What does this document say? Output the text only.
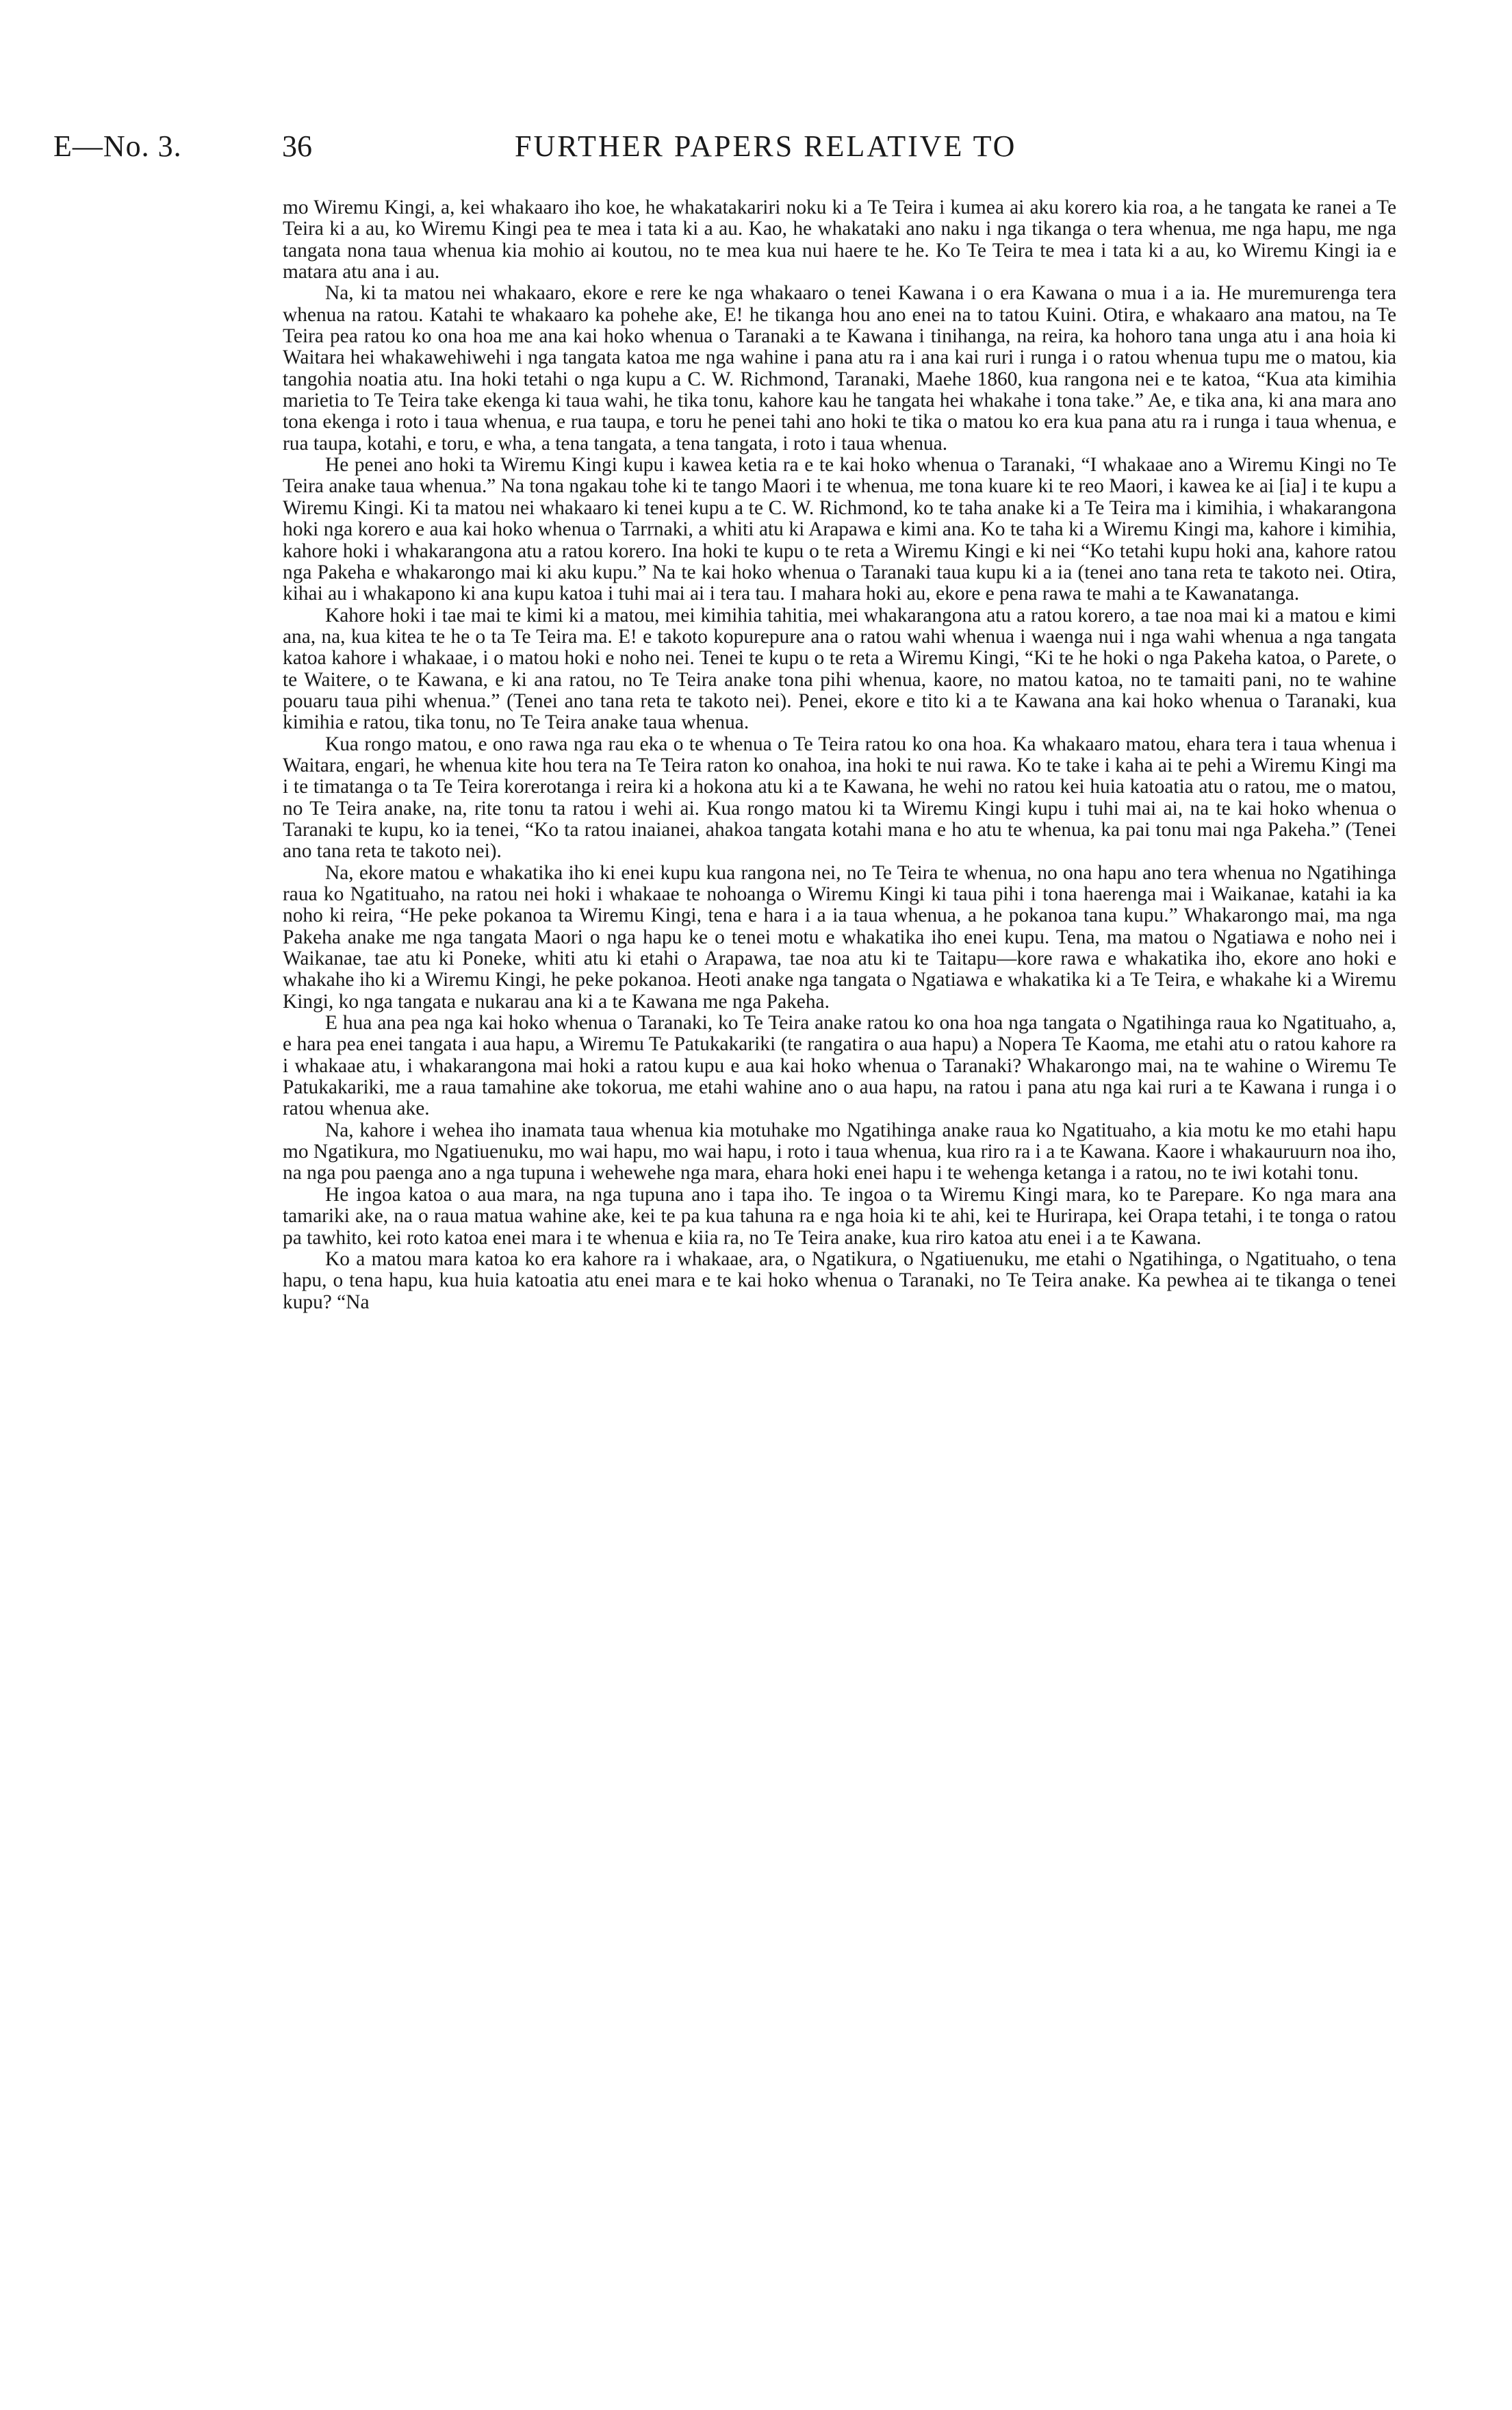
E—No. 3.	36	FURTHER PAPERS RELATIVE TO

mo Wiremu Kingi, a, kei whakaaro iho koe, he whakatakariri noku ki a Te Teira i kumea ai aku korero kia roa, a he tangata ke ranei a Te Teira ki a au, ko Wiremu Kingi pea te mea i tata ki a au. Kao, he whakataki ano naku i nga tikanga o tera whenua, me nga hapu, me nga tangata nona taua whenua kia mohio ai koutou, no te mea kua nui haere te he. Ko Te Teira te mea i tata ki a au, ko Wiremu Kingi ia e matara atu ana i au.

Na, ki ta matou nei whakaaro, ekore e rere ke nga whakaaro o tenei Kawana i o era Kawana o mua i a ia. He muremurenga tera whenua na ratou. Katahi te whakaaro ka pohehe ake, E! he tikanga hou ano enei na to tatou Kuini. Otira, e whakaaro ana matou, na Te Teira pea ratou ko ona hoa me ana kai hoko whenua o Taranaki a te Kawana i tinihanga, na reira, ka hohoro tana unga atu i ana hoia ki Waitara hei whakawehiwehi i nga tangata katoa me nga wahine i pana atu ra i ana kai ruri i runga i o ratou whenua tupu me o matou, kia tangohia noatia atu. Ina hoki tetahi o nga kupu a C. W. Richmond, Taranaki, Maehe 1860, kua rangona nei e te katoa, “Kua ata kimihia marietia to Te Teira take ekenga ki taua wahi, he tika tonu, kahore kau he tangata hei whakahe i tona take.” Ae, e tika ana, ki ana mara ano tona ekenga i roto i taua whenua, e rua taupa, e toru he penei tahi ano hoki te tika o matou ko era kua pana atu ra i runga i taua whenua, e rua taupa, kotahi, e toru, e wha, a tena tangata, a tena tangata, i roto i taua whenua.

He penei ano hoki ta Wiremu Kingi kupu i kawea ketia ra e te kai hoko whenua o Taranaki, “I whakaae ano a Wiremu Kingi no Te Teira anake taua whenua.” Na tona ngakau tohe ki te tango Maori i te whenua, me tona kuare ki te reo Maori, i kawea ke ai [ia] i te kupu a Wiremu Kingi. Ki ta matou nei whakaaro ki tenei kupu a te C. W. Richmond, ko te taha anake ki a Te Teira ma i kimihia, i whakarangona hoki nga korero e aua kai hoko whenua o Tarrnaki, a whiti atu ki Arapawa e kimi ana. Ko te taha ki a Wiremu Kingi ma, kahore i kimihia, kahore hoki i whakarangona atu a ratou korero. Ina hoki te kupu o te reta a Wiremu Kingi e ki nei “Ko tetahi kupu hoki ana, kahore ratou nga Pakeha e whakarongo mai ki aku kupu.” Na te kai hoko whenua o Taranaki taua kupu ki a ia (tenei ano tana reta te takoto nei. Otira, kihai au i whakapono ki ana kupu katoa i tuhi mai ai i tera tau. I mahara hoki au, ekore e pena rawa te mahi a te Kawanatanga.

Kahore hoki i tae mai te kimi ki a matou, mei kimihia tahitia, mei whakarangona atu a ratou korero, a tae noa mai ki a matou e kimi ana, na, kua kitea te he o ta Te Teira ma. E! e takoto kopurepure ana o ratou wahi whenua i waenga nui i nga wahi whenua a nga tangata katoa kahore i whakaae, i o matou hoki e noho nei. Tenei te kupu o te reta a Wiremu Kingi, “Ki te he hoki o nga Pakeha katoa, o Parete, o te Waitere, o te Kawana, e ki ana ratou, no Te Teira anake tona pihi whenua, kaore, no matou katoa, no te tamaiti pani, no te wahine pouaru taua pihi whenua.” (Tenei ano tana reta te takoto nei). Penei, ekore e tito ki a te Kawana ana kai hoko whenua o Taranaki, kua kimihia e ratou, tika tonu, no Te Teira anake taua whenua.

Kua rongo matou, e ono rawa nga rau eka o te whenua o Te Teira ratou ko ona hoa. Ka whakaaro matou, ehara tera i taua whenua i Waitara, engari, he whenua kite hou tera na Te Teira raton ko onahoa, ina hoki te nui rawa. Ko te take i kaha ai te pehi a Wiremu Kingi ma i te timatanga o ta Te Teira korerotanga i reira ki a hokona atu ki a te Kawana, he wehi no ratou kei huia katoatia atu o ratou, me o matou, no Te Teira anake, na, rite tonu ta ratou i wehi ai. Kua rongo matou ki ta Wiremu Kingi kupu i tuhi mai ai, na te kai hoko whenua o Taranaki te kupu, ko ia tenei, “Ko ta ratou inaianei, ahakoa tangata kotahi mana e ho atu te whenua, ka pai tonu mai nga Pakeha.” (Tenei ano tana reta te takoto nei).

Na, ekore matou e whakatika iho ki enei kupu kua rangona nei, no Te Teira te whenua, no ona hapu ano tera whenua no Ngatihinga raua ko Ngatituaho, na ratou nei hoki i whakaae te nohoanga o Wiremu Kingi ki taua pihi i tona haerenga mai i Waikanae, katahi ia ka noho ki reira, “He peke pokanoa ta Wiremu Kingi, tena e hara i a ia taua whenua, a he pokanoa tana kupu.” Whakarongo mai, ma nga Pakeha anake me nga tangata Maori o nga hapu ke o tenei motu e whakatika iho enei kupu. Tena, ma matou o Ngatiawa e noho nei i Waikanae, tae atu ki Poneke, whiti atu ki etahi o Arapawa, tae noa atu ki te Taitapu—kore rawa e whakatika iho, ekore ano hoki e whakahe iho ki a Wiremu Kingi, he peke pokanoa. Heoti anake nga tangata o Ngatiawa e whakatika ki a Te Teira, e whakahe ki a Wiremu Kingi, ko nga tangata e nukarau ana ki a te Kawana me nga Pakeha.

E hua ana pea nga kai hoko whenua o Taranaki, ko Te Teira anake ratou ko ona hoa nga tangata o Ngatihinga raua ko Ngatituaho, a, e hara pea enei tangata i aua hapu, a Wiremu Te Patukakariki (te rangatira o aua hapu) a Nopera Te Kaoma, me etahi atu o ratou kahore ra i whakaae atu, i whakarangona mai hoki a ratou kupu e aua kai hoko whenua o Taranaki? Whakarongo mai, na te wahine o Wiremu Te Patukakariki, me a raua tamahine ake tokorua, me etahi wahine ano o aua hapu, na ratou i pana atu nga kai ruri a te Kawana i runga i o ratou whenua ake.

Na, kahore i wehea iho inamata taua whenua kia motuhake mo Ngatihinga anake raua ko Ngatituaho, a kia motu ke mo etahi hapu mo Ngatikura, mo Ngatiuenuku, mo wai hapu, mo wai hapu, i roto i taua whenua, kua riro ra i a te Kawana. Kaore i whakauruurn noa iho, na nga pou paenga ano a nga tupuna i wehewehe nga mara, ehara hoki enei hapu i te wehenga ketanga i a ratou, no te iwi kotahi tonu.

He ingoa katoa o aua mara, na nga tupuna ano i tapa iho. Te ingoa o ta Wiremu Kingi mara, ko te Parepare. Ko nga mara ana tamariki ake, na o raua matua wahine ake, kei te pa kua tahuna ra e nga hoia ki te ahi, kei te Hurirapa, kei Orapa tetahi, i te tonga o ratou pa tawhito, kei roto katoa enei mara i te whenua e kiia ra, no Te Teira anake, kua riro katoa atu enei i a te Kawana.

Ko a matou mara katoa ko era kahore ra i whakaae, ara, o Ngatikura, o Ngatiuenuku, me etahi o Ngatihinga, o Ngatituaho, o tena hapu, o tena hapu, kua huia katoatia atu enei mara e te kai hoko whenua o Taranaki, no Te Teira anake. Ka pewhea ai te tikanga o tenei kupu? “Na
